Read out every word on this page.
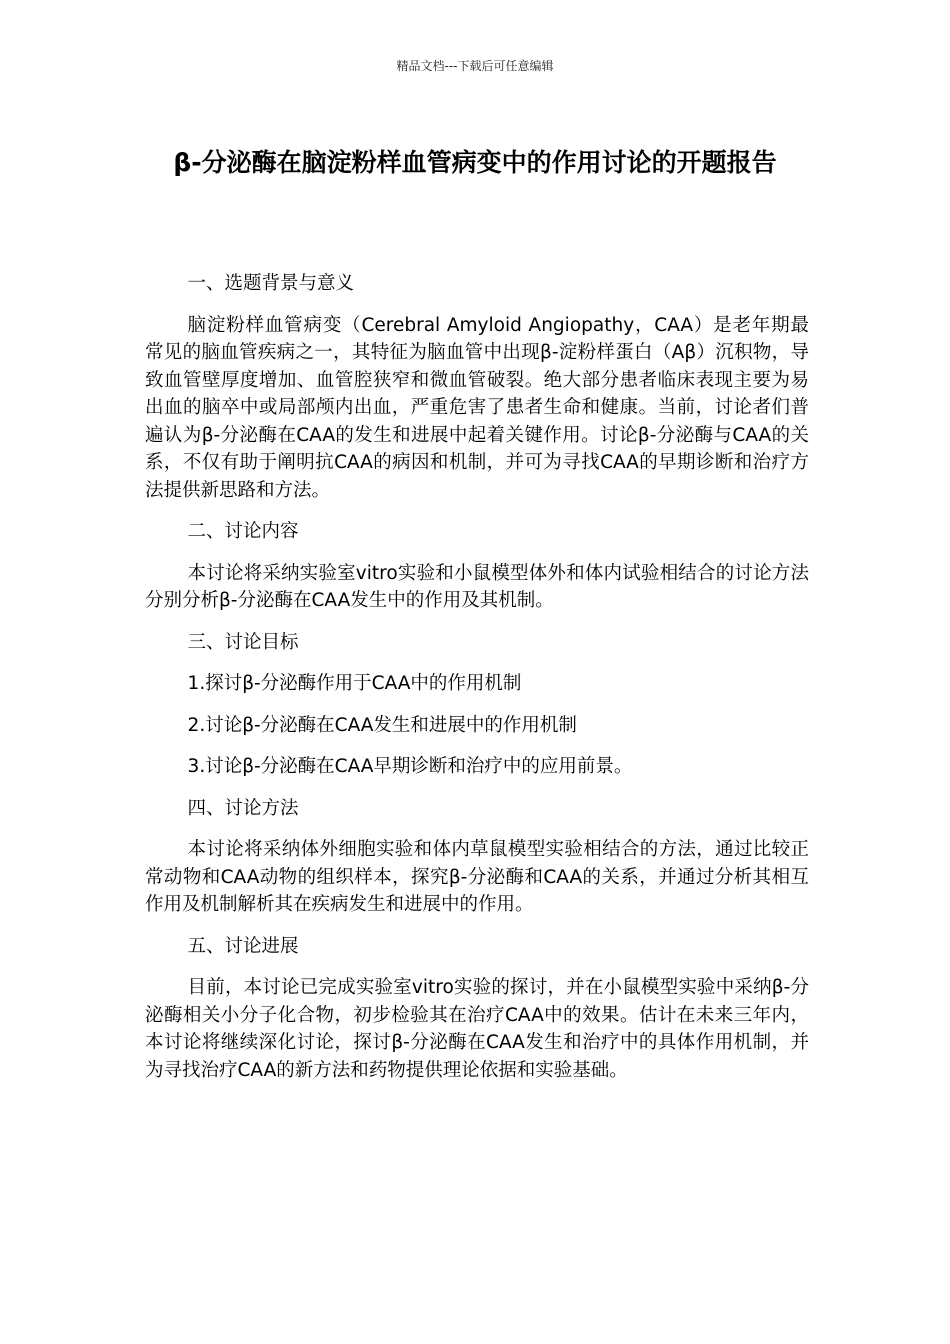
精品文档---下载后可任意编辑
β-分泌酶在脑淀粉样血管病变中的作用讨论的开题报告

一、选题背景与意义

脑淀粉样血管病变（Cerebral Amyloid Angiopathy，CAA）是老年期最常见的脑血管疾病之一，其特征为脑血管中出现β-淀粉样蛋白（Aβ）沉积物，导致血管壁厚度增加、血管腔狭窄和微血管破裂。绝大部分患者临床表现主要为易出血的脑卒中或局部颅内出血，严重危害了患者生命和健康。当前，讨论者们普遍认为β-分泌酶在CAA的发生和进展中起着关键作用。讨论β-分泌酶与CAA的关系，不仅有助于阐明抗CAA的病因和机制，并可为寻找CAA的早期诊断和治疗方法提供新思路和方法。

二、讨论内容

本讨论将采纳实验室vitro实验和小鼠模型体外和体内试验相结合的讨论方法分别分析β-分泌酶在CAA发生中的作用及其机制。

三、讨论目标

1.探讨β-分泌酶作用于CAA中的作用机制

2.讨论β-分泌酶在CAA发生和进展中的作用机制

3.讨论β-分泌酶在CAA早期诊断和治疗中的应用前景。

四、讨论方法

本讨论将采纳体外细胞实验和体内草鼠模型实验相结合的方法，通过比较正常动物和CAA动物的组织样本，探究β-分泌酶和CAA的关系，并通过分析其相互作用及机制解析其在疾病发生和进展中的作用。

五、讨论进展

目前，本讨论已完成实验室vitro实验的探讨，并在小鼠模型实验中采纳β-分泌酶相关小分子化合物，初步检验其在治疗CAA中的效果。估计在未来三年内，本讨论将继续深化讨论，探讨β-分泌酶在CAA发生和治疗中的具体作用机制，并为寻找治疗CAA的新方法和药物提供理论依据和实验基础。
